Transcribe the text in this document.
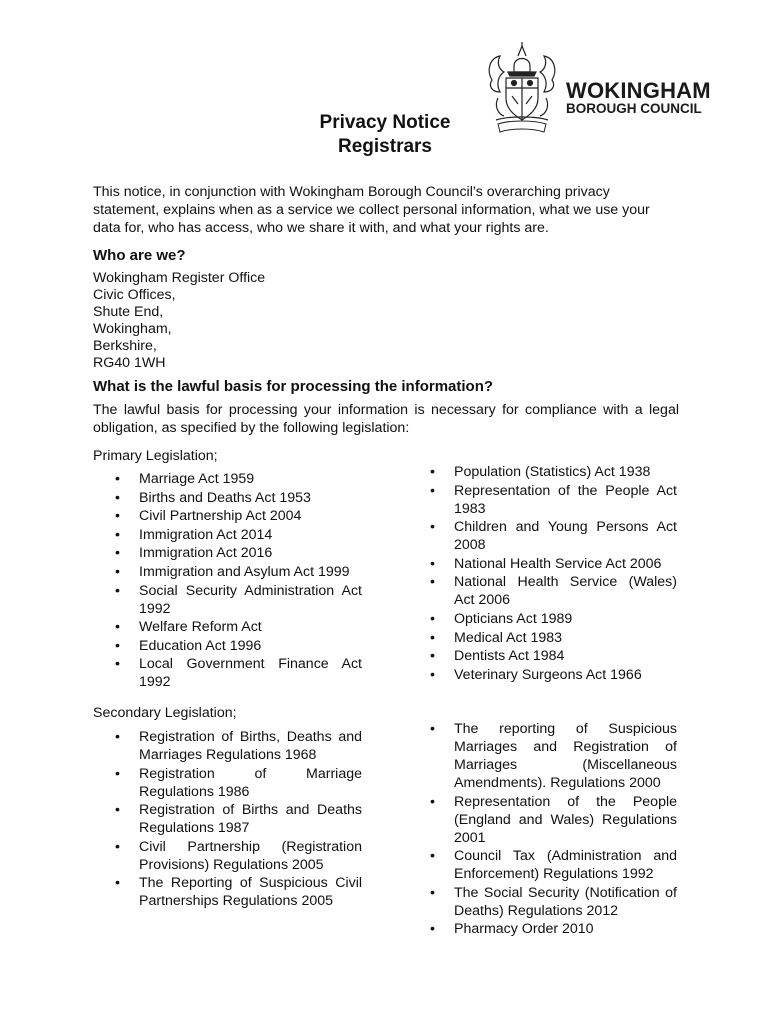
WOKINGHAM
BOROUGH COUNCIL
Privacy Notice
Registrars
This notice, in conjunction with Wokingham Borough Council’s overarching privacy statement, explains when as a service we collect personal information, what we use your data for, who has access, who we share it with, and what your rights are.
Who are we?
Wokingham Register Office
Civic Offices,
Shute End,
Wokingham,
Berkshire,
RG40 1WH
What is the lawful basis for processing the information?
The lawful basis for processing your information is necessary for compliance with a legal obligation, as specified by the following legislation:
Primary Legislation;
• Marriage Act 1959
• Births and Deaths Act 1953
• Civil Partnership Act 2004
• Immigration Act 2014
• Immigration Act 2016
• Immigration and Asylum Act 1999
• Social Security Administration Act 1992
• Welfare Reform Act
• Education Act 1996
• Local Government Finance Act 1992
• Population (Statistics) Act 1938
• Representation of the People Act 1983
• Children and Young Persons Act 2008
• National Health Service Act 2006
• National Health Service (Wales) Act 2006
• Opticians Act 1989
• Medical Act 1983
• Dentists Act 1984
• Veterinary Surgeons Act 1966
Secondary Legislation;
• Registration of Births, Deaths and Marriages Regulations 1968
• Registration of Marriage Regulations 1986
• Registration of Births and Deaths Regulations 1987
• Civil Partnership (Registration Provisions) Regulations 2005
• The Reporting of Suspicious Civil Partnerships Regulations 2005
• The reporting of Suspicious Marriages and Registration of Marriages (Miscellaneous Amendments). Regulations 2000
• Representation of the People (England and Wales) Regulations 2001
• Council Tax (Administration and Enforcement) Regulations 1992
• The Social Security (Notification of Deaths) Regulations 2012
• Pharmacy Order 2010
